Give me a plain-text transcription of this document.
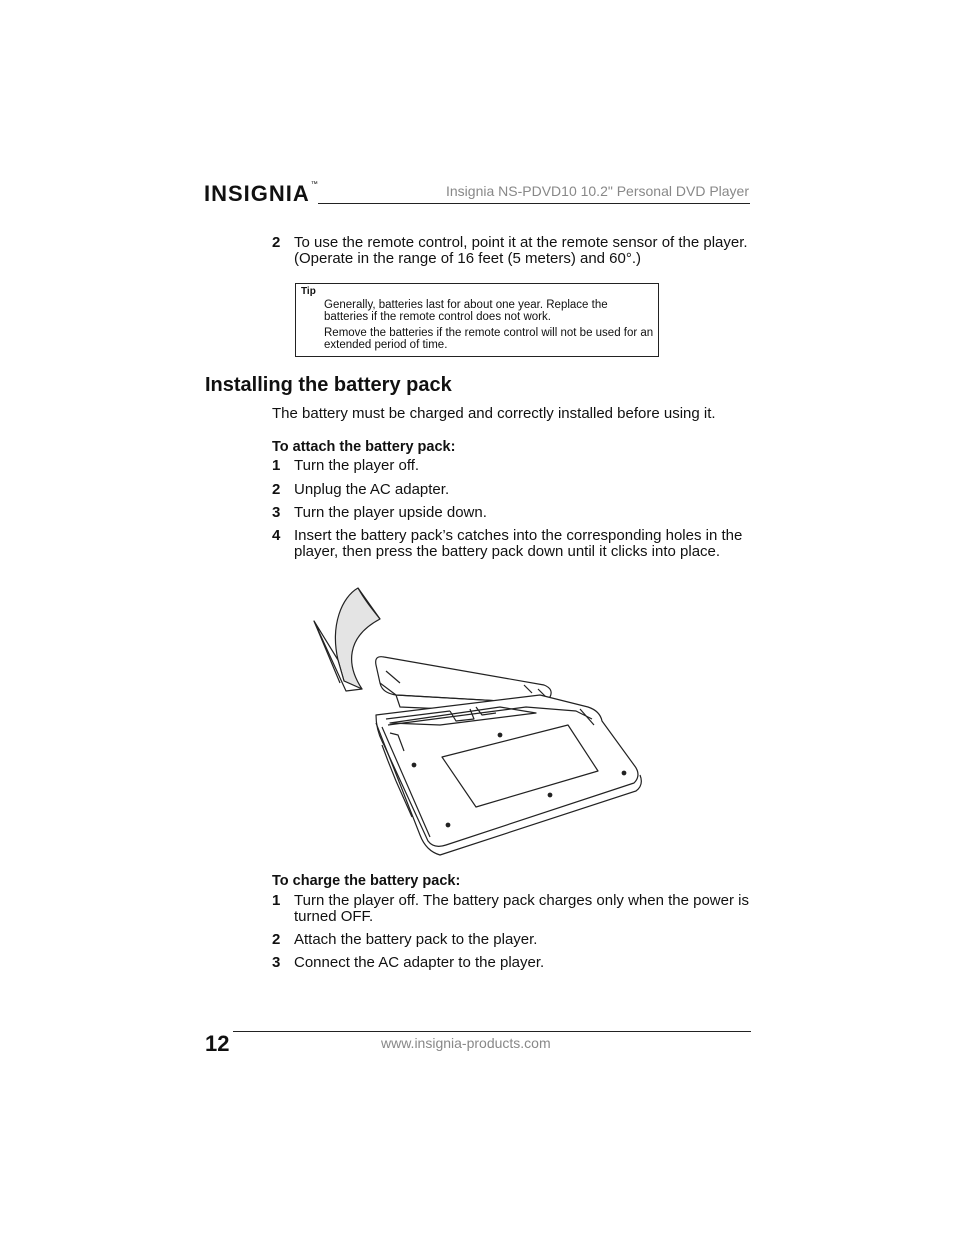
INSIGNIA™	Insignia NS-PDVD10 10.2" Personal DVD Player
2 To use the remote control, point it at the remote sensor of the player. (Operate in the range of 16 feet (5 meters) and 60°.)
Tip
Generally, batteries last for about one year. Replace the batteries if the remote control does not work.
Remove the batteries if the remote control will not be used for an extended period of time.
Installing the battery pack
The battery must be charged and correctly installed before using it.
To attach the battery pack:
1 Turn the player off.
2 Unplug the AC adapter.
3 Turn the player upside down.
4 Insert the battery pack’s catches into the corresponding holes in the player, then press the battery pack down until it clicks into place.
To charge the battery pack:
1 Turn the player off. The battery pack charges only when the power is turned OFF.
2 Attach the battery pack to the player.
3 Connect the AC adapter to the player.
12	www.insignia-products.com
